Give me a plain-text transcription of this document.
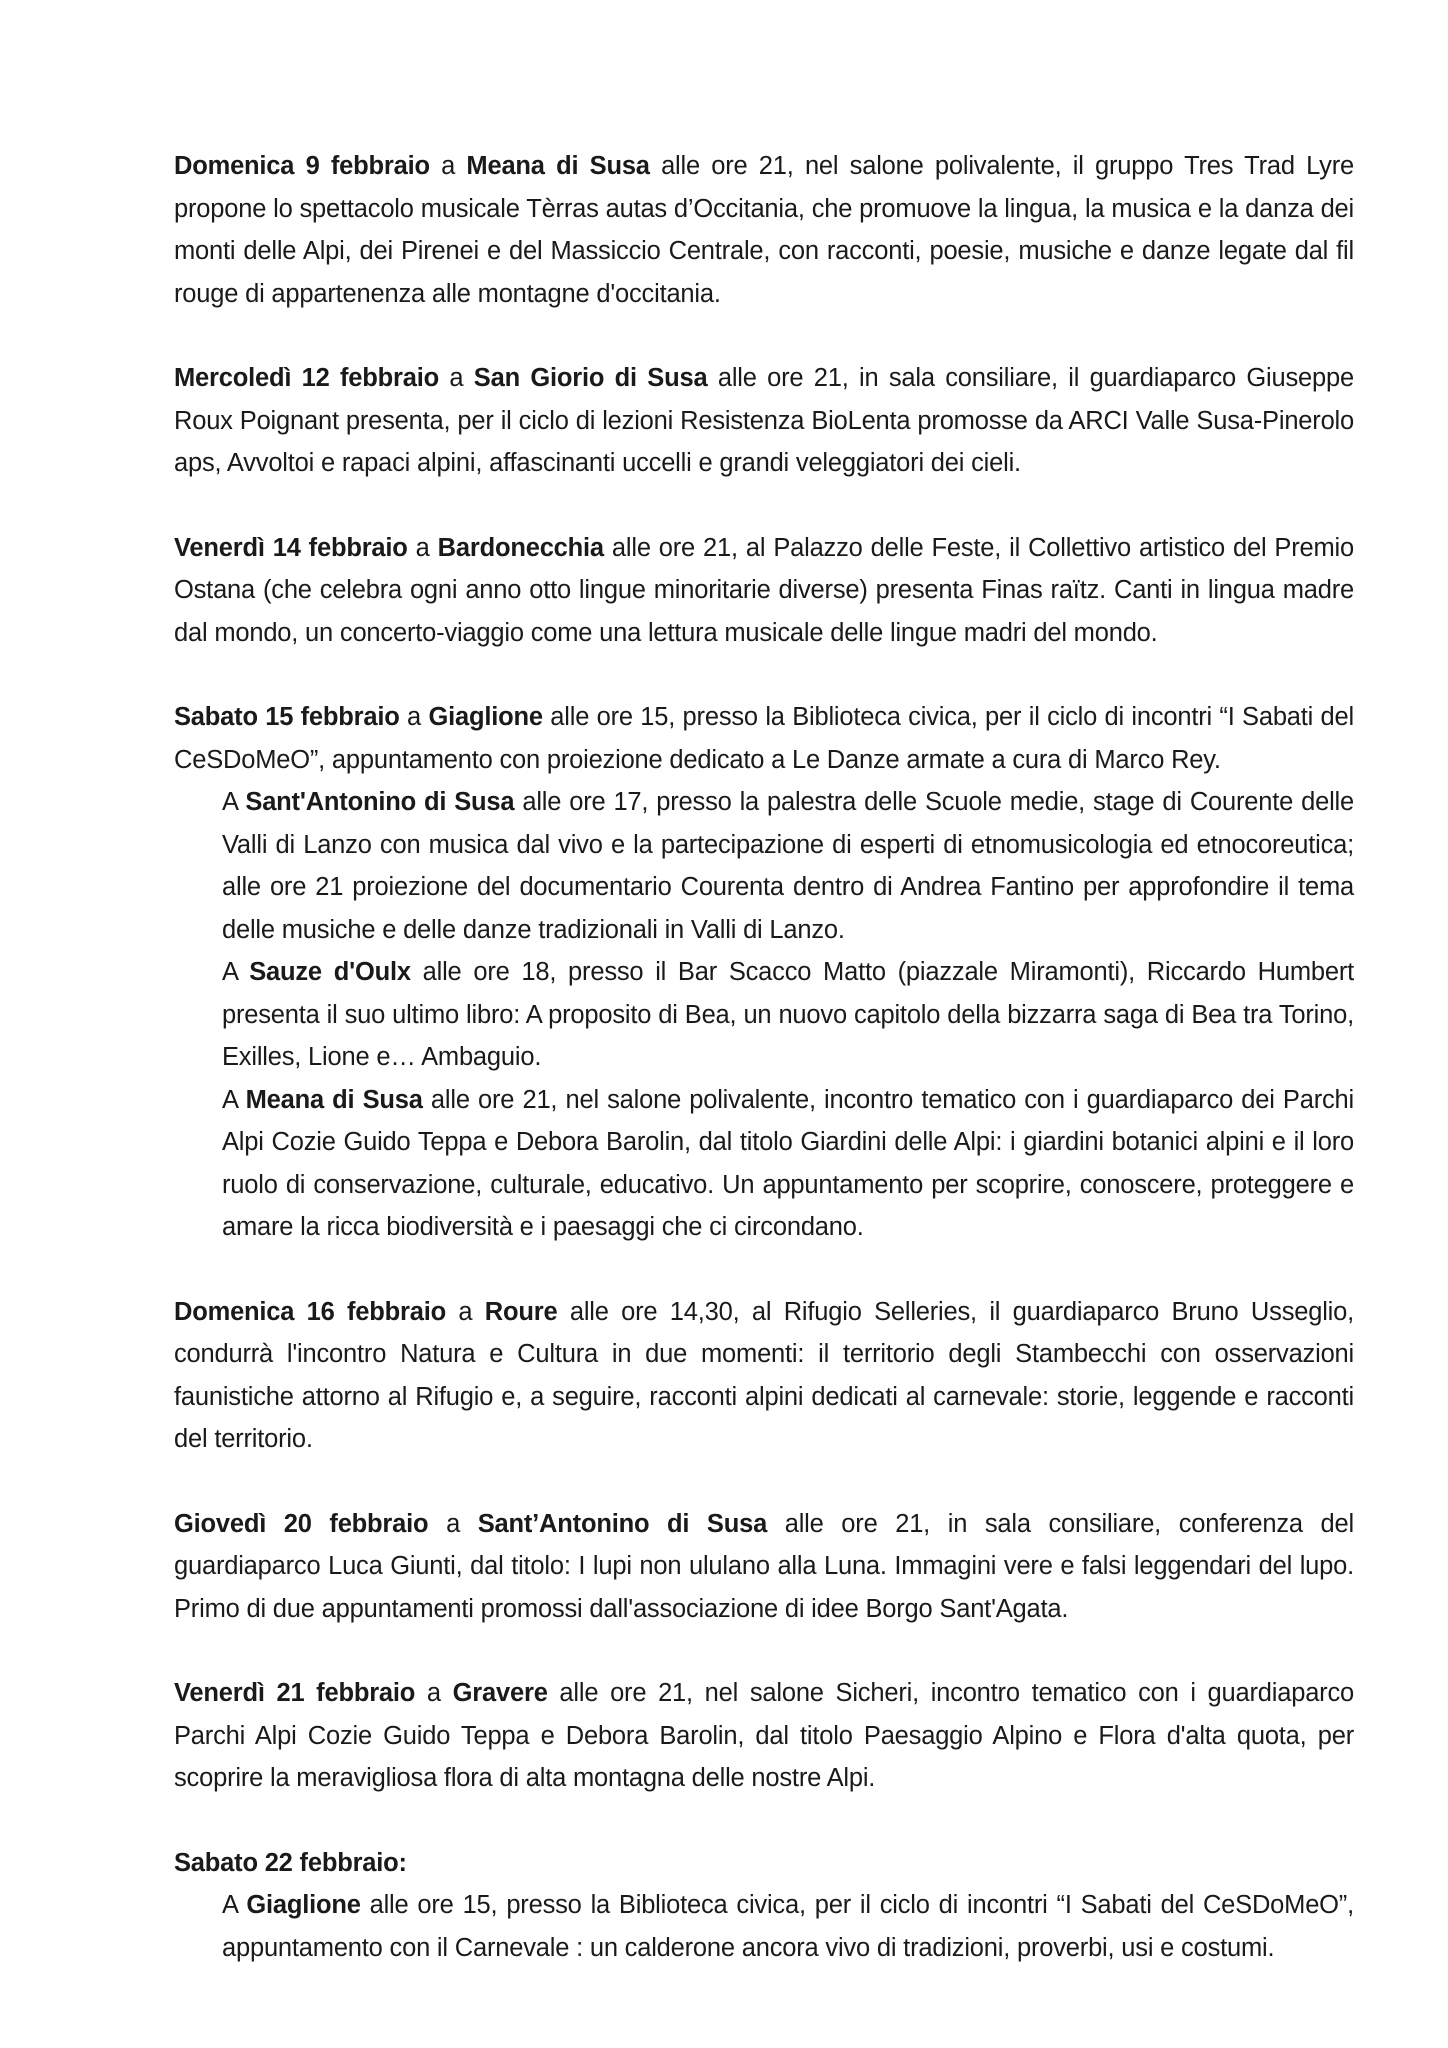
Domenica 9 febbraio a Meana di Susa alle ore 21, nel salone polivalente, il gruppo Tres Trad Lyre propone lo spettacolo musicale Tèrras autas d’Occitania, che promuove la lingua, la musica e la danza dei monti delle Alpi, dei Pirenei e del Massiccio Centrale, con racconti, poesie, musiche e danze legate dal fil rouge di appartenenza alle montagne d'occitania.

Mercoledì 12 febbraio a San Giorio di Susa alle ore 21, in sala consiliare, il guardiaparco Giuseppe Roux Poignant presenta, per il ciclo di lezioni Resistenza BioLenta promosse da ARCI Valle Susa-Pinerolo aps, Avvoltoi e rapaci alpini, affascinanti uccelli e grandi veleggiatori dei cieli.

Venerdì 14 febbraio a Bardonecchia alle ore 21, al Palazzo delle Feste, il Collettivo artistico del Premio Ostana (che celebra ogni anno otto lingue minoritarie diverse) presenta Finas raïtz. Canti in lingua madre dal mondo, un concerto-viaggio come una lettura musicale delle lingue madri del mondo.

Sabato 15 febbraio a Giaglione alle ore 15, presso la Biblioteca civica, per il ciclo di incontri “I Sabati del CeSDoMeO”, appuntamento con proiezione dedicato a Le Danze armate a cura di Marco Rey.
A Sant'Antonino di Susa alle ore 17, presso la palestra delle Scuole medie, stage di Courente delle Valli di Lanzo con musica dal vivo e la partecipazione di esperti di etnomusicologia ed etnocoreutica; alle ore 21 proiezione del documentario Courenta dentro di Andrea Fantino per approfondire il tema delle musiche e delle danze tradizionali in Valli di Lanzo.
A Sauze d'Oulx alle ore 18, presso il Bar Scacco Matto (piazzale Miramonti), Riccardo Humbert presenta il suo ultimo libro: A proposito di Bea, un nuovo capitolo della bizzarra saga di Bea tra Torino, Exilles, Lione e… Ambaguio.
A Meana di Susa alle ore 21, nel salone polivalente, incontro tematico con i guardiaparco dei Parchi Alpi Cozie Guido Teppa e Debora Barolin, dal titolo Giardini delle Alpi: i giardini botanici alpini e il loro ruolo di conservazione, culturale, educativo. Un appuntamento per scoprire, conoscere, proteggere e amare la ricca biodiversità e i paesaggi che ci circondano.

Domenica 16 febbraio a Roure alle ore 14,30, al Rifugio Selleries, il guardiaparco Bruno Usseglio, condurrà l'incontro Natura e Cultura in due momenti: il territorio degli Stambecchi con osservazioni faunistiche attorno al Rifugio e, a seguire, racconti alpini dedicati al carnevale: storie, leggende e racconti del territorio.

Giovedì 20 febbraio a Sant’Antonino di Susa alle ore 21, in sala consiliare, conferenza del guardiaparco Luca Giunti, dal titolo: I lupi non ululano alla Luna. Immagini vere e falsi leggendari del lupo. Primo di due appuntamenti promossi dall'associazione di idee Borgo Sant'Agata.

Venerdì 21 febbraio a Gravere alle ore 21, nel salone Sicheri, incontro tematico con i guardiaparco Parchi Alpi Cozie Guido Teppa e Debora Barolin, dal titolo Paesaggio Alpino e Flora d'alta quota, per scoprire la meravigliosa flora di alta montagna delle nostre Alpi.

Sabato 22 febbraio:
A Giaglione alle ore 15, presso la Biblioteca civica, per il ciclo di incontri “I Sabati del CeSDoMeO”, appuntamento con il Carnevale : un calderone ancora vivo di tradizioni, proverbi, usi e costumi.
